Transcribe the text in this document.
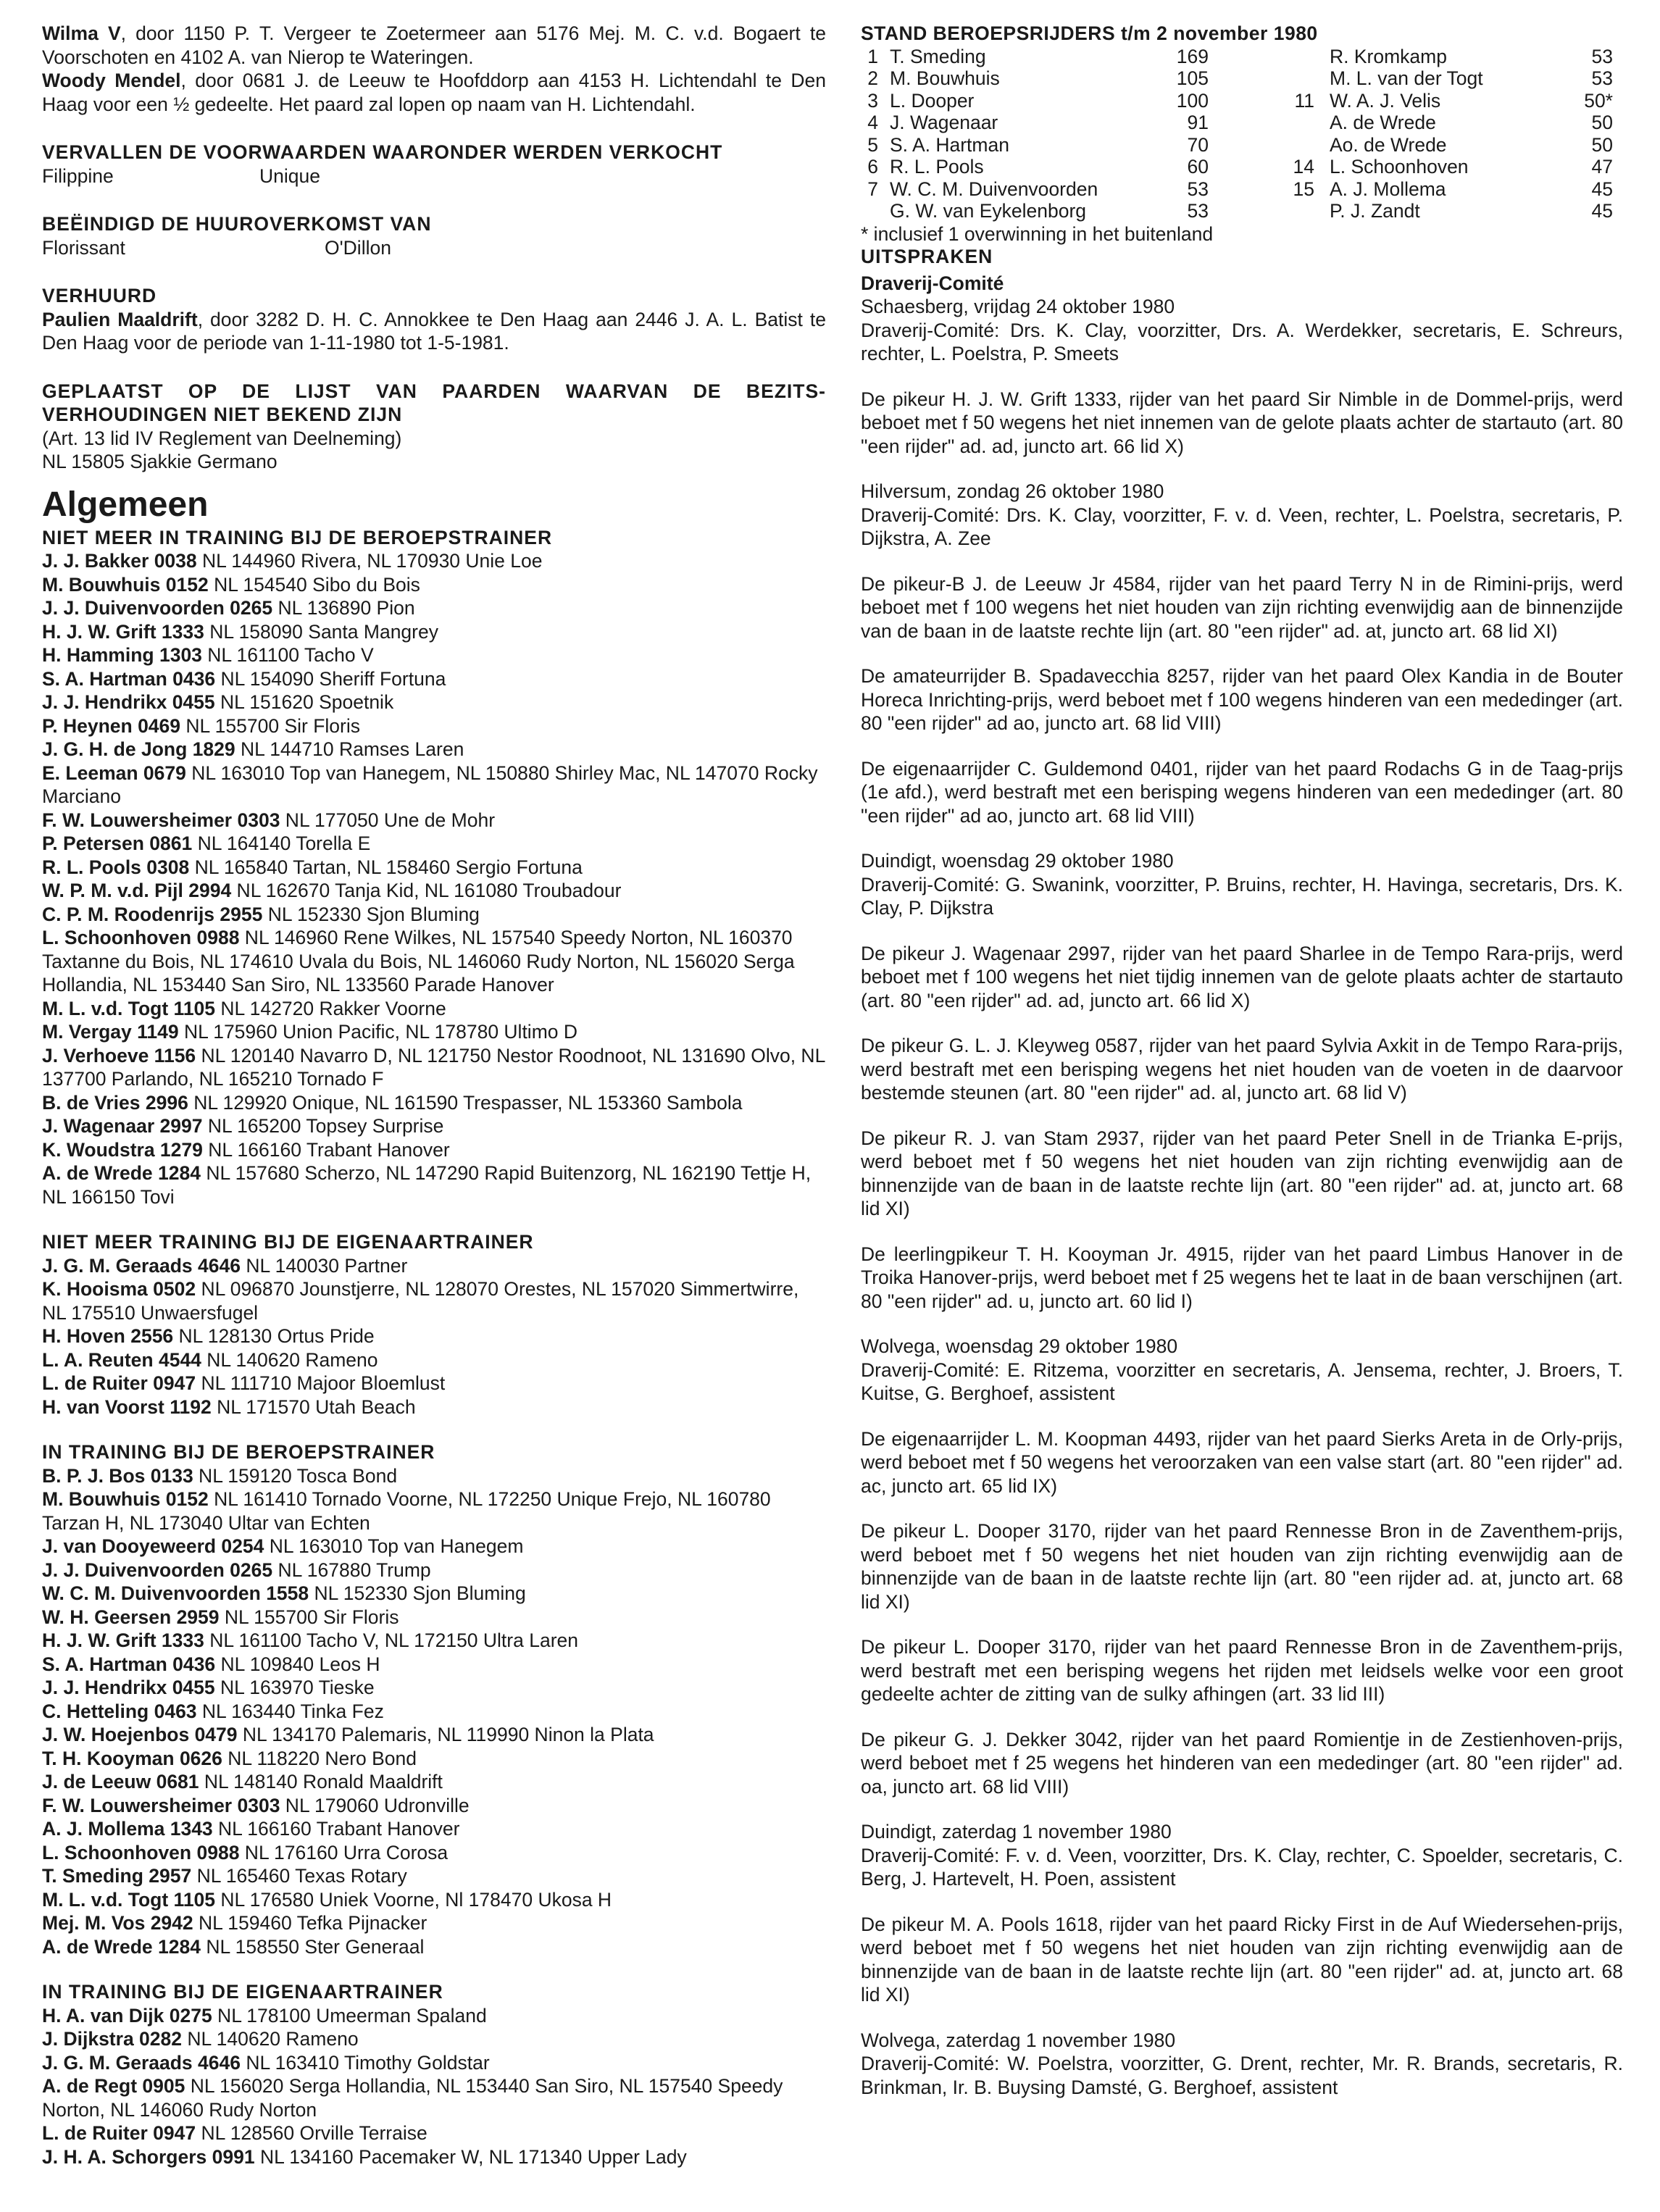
Wilma V, door 1150 P. T. Vergeer te Zoetermeer aan 5176 Mej. M. C. v.d. Bogaert te Voorschoten en 4102 A. van Nierop te Wateringen.

Woody Mendel, door 0681 J. de Leeuw te Hoofddorp aan 4153 H. Lichtendahl te Den Haag voor een ½ gedeelte. Het paard zal lopen op naam van H. Lichtendahl.

VERVALLEN DE VOORWAARDEN WAARONDER WERDEN VERKOCHT

Filippine	Unique

BEËINDIGD DE HUUROVERKOMST VAN

Florissant	O'Dillon

VERHUURD

Paulien Maaldrift, door 3282 D. H. C. Annokkee te Den Haag aan 2446 J. A. L. Batist te Den Haag voor de periode van 1-11-1980 tot 1-5-1981.

GEPLAATST OP DE LIJST VAN PAARDEN WAARVAN DE BEZITS-VERHOUDINGEN NIET BEKEND ZIJN

(Art. 13 lid IV Reglement van Deelneming)

NL 15805 Sjakkie Germano

Algemeen

NIET MEER IN TRAINING BIJ DE BEROEPSTRAINER

J. J. Bakker 0038 NL 144960 Rivera, NL 170930 Unie Loe

M. Bouwhuis 0152 NL 154540 Sibo du Bois

J. J. Duivenvoorden 0265 NL 136890 Pion

H. J. W. Grift 1333 NL 158090 Santa Mangrey

H. Hamming 1303 NL 161100 Tacho V

S. A. Hartman 0436 NL 154090 Sheriff Fortuna

J. J. Hendrikx 0455 NL 151620 Spoetnik

P. Heynen 0469 NL 155700 Sir Floris

J. G. H. de Jong 1829 NL 144710 Ramses Laren

E. Leeman 0679 NL 163010 Top van Hanegem, NL 150880 Shirley Mac, NL 147070 Rocky Marciano

F. W. Louwersheimer 0303 NL 177050 Une de Mohr

P. Petersen 0861 NL 164140 Torella E

R. L. Pools 0308 NL 165840 Tartan, NL 158460 Sergio Fortuna

W. P. M. v.d. Pijl 2994 NL 162670 Tanja Kid, NL 161080 Troubadour

C. P. M. Roodenrijs 2955 NL 152330 Sjon Bluming

L. Schoonhoven 0988 NL 146960 Rene Wilkes, NL 157540 Speedy Norton, NL 160370 Taxtanne du Bois, NL 174610 Uvala du Bois, NL 146060 Rudy Norton, NL 156020 Serga Hollandia, NL 153440 San Siro, NL 133560 Parade Hanover

M. L. v.d. Togt 1105 NL 142720 Rakker Voorne

M. Vergay 1149 NL 175960 Union Pacific, NL 178780 Ultimo D

J. Verhoeve 1156 NL 120140 Navarro D, NL 121750 Nestor Roodnoot, NL 131690 Olvo, NL 137700 Parlando, NL 165210 Tornado F

B. de Vries 2996 NL 129920 Onique, NL 161590 Trespasser, NL 153360 Sambola

J. Wagenaar 2997 NL 165200 Topsey Surprise

K. Woudstra 1279 NL 166160 Trabant Hanover

A. de Wrede 1284 NL 157680 Scherzo, NL 147290 Rapid Buitenzorg, NL 162190 Tettje H, NL 166150 Tovi

NIET MEER TRAINING BIJ DE EIGENAARTRAINER

J. G. M. Geraads 4646 NL 140030 Partner

K. Hooisma 0502 NL 096870 Jounstjerre, NL 128070 Orestes, NL 157020 Simmertwirre, NL 175510 Unwaersfugel

H. Hoven 2556 NL 128130 Ortus Pride

L. A. Reuten 4544 NL 140620 Rameno

L. de Ruiter 0947 NL 111710 Majoor Bloemlust

H. van Voorst 1192 NL 171570 Utah Beach

IN TRAINING BIJ DE BEROEPSTRAINER

B. P. J. Bos 0133 NL 159120 Tosca Bond

M. Bouwhuis 0152 NL 161410 Tornado Voorne, NL 172250 Unique Frejo, NL 160780 Tarzan H, NL 173040 Ultar van Echten

J. van Dooyeweerd 0254 NL 163010 Top van Hanegem

J. J. Duivenvoorden 0265 NL 167880 Trump

W. C. M. Duivenvoorden 1558 NL 152330 Sjon Bluming

W. H. Geersen 2959 NL 155700 Sir Floris

H. J. W. Grift 1333 NL 161100 Tacho V, NL 172150 Ultra Laren

S. A. Hartman 0436 NL 109840 Leos H

J. J. Hendrikx 0455 NL 163970 Tieske

C. Hetteling 0463 NL 163440 Tinka Fez

J. W. Hoejenbos 0479 NL 134170 Palemaris, NL 119990 Ninon la Plata

T. H. Kooyman 0626 NL 118220 Nero Bond

J. de Leeuw 0681 NL 148140 Ronald Maaldrift

F. W. Louwersheimer 0303 NL 179060 Udronville

A. J. Mollema 1343 NL 166160 Trabant Hanover

L. Schoonhoven 0988 NL 176160 Urra Corosa

T. Smeding 2957 NL 165460 Texas Rotary

M. L. v.d. Togt 1105 NL 176580 Uniek Voorne, Nl 178470 Ukosa H

Mej. M. Vos 2942 NL 159460 Tefka Pijnacker

A. de Wrede 1284 NL 158550 Ster Generaal

IN TRAINING BIJ DE EIGENAARTRAINER

H. A. van Dijk 0275 NL 178100 Umeerman Spaland

J. Dijkstra 0282 NL 140620 Rameno

J. G. M. Geraads 4646 NL 163410 Timothy Goldstar

A. de Regt 0905 NL 156020 Serga Hollandia, NL 153440 San Siro, NL 157540 Speedy Norton, NL 146060 Rudy Norton

L. de Ruiter 0947 NL 128560 Orville Terraise

J. H. A. Schorgers 0991 NL 134160 Pacemaker W, NL 171340 Upper Lady

STAND BEROEPSRIJDERS t/m 2 november 1980

1 T. Smeding	169	R. Kromkamp	53
2 M. Bouwhuis	105	M. L. van der Togt	53
3 L. Dooper	100	11 W. A. J. Velis	50*
4 J. Wagenaar	91	A. de Wrede	50
5 S. A. Hartman	70	Ao. de Wrede	50
6 R. L. Pools	60	14 L. Schoonhoven	47
7 W. C. M. Duivenvoorden	53	15 A. J. Mollema	45
G. W. van Eykelenborg	53	P. J. Zandt	45

* inclusief 1 overwinning in het buitenland

UITSPRAKEN

Draverij-Comité

Schaesberg, vrijdag 24 oktober 1980

Draverij-Comité: Drs. K. Clay, voorzitter, Drs. A. Werdekker, secretaris, E. Schreurs, rechter, L. Poelstra, P. Smeets

De pikeur H. J. W. Grift 1333, rijder van het paard Sir Nimble in de Dommel-prijs, werd beboet met f 50 wegens het niet innemen van de gelote plaats achter de startauto (art. 80 "een rijder" ad. ad, juncto art. 66 lid X)

Hilversum, zondag 26 oktober 1980

Draverij-Comité: Drs. K. Clay, voorzitter, F. v. d. Veen, rechter, L. Poelstra, secretaris, P. Dijkstra, A. Zee

De pikeur-B J. de Leeuw Jr 4584, rijder van het paard Terry N in de Rimini-prijs, werd beboet met f 100 wegens het niet houden van zijn richting evenwijdig aan de binnenzijde van de baan in de laatste rechte lijn (art. 80 "een rijder" ad. at, juncto art. 68 lid XI)

De amateurrijder B. Spadavecchia 8257, rijder van het paard Olex Kandia in de Bouter Horeca Inrichting-prijs, werd beboet met f 100 wegens hinderen van een mededinger (art. 80 "een rijder" ad ao, juncto art. 68 lid VIII)

De eigenaarrijder C. Guldemond 0401, rijder van het paard Rodachs G in de Taag-prijs (1e afd.), werd bestraft met een berisping wegens hinderen van een mededinger (art. 80 "een rijder" ad ao, juncto art. 68 lid VIII)

Duindigt, woensdag 29 oktober 1980

Draverij-Comité: G. Swanink, voorzitter, P. Bruins, rechter, H. Havinga, secretaris, Drs. K. Clay, P. Dijkstra

De pikeur J. Wagenaar 2997, rijder van het paard Sharlee in de Tempo Rara-prijs, werd beboet met f 100 wegens het niet tijdig innemen van de gelote plaats achter de startauto (art. 80 "een rijder" ad. ad, juncto art. 66 lid X)

De pikeur G. L. J. Kleyweg 0587, rijder van het paard Sylvia Axkit in de Tempo Rara-prijs, werd bestraft met een berisping wegens het niet houden van de voeten in de daarvoor bestemde steunen (art. 80 "een rijder" ad. al, juncto art. 68 lid V)

De pikeur R. J. van Stam 2937, rijder van het paard Peter Snell in de Trianka E-prijs, werd beboet met f 50 wegens het niet houden van zijn richting evenwijdig aan de binnenzijde van de baan in de laatste rechte lijn (art. 80 "een rijder" ad. at, juncto art. 68 lid XI)

De leerlingpikeur T. H. Kooyman Jr. 4915, rijder van het paard Limbus Hanover in de Troika Hanover-prijs, werd beboet met f 25 wegens het te laat in de baan verschijnen (art. 80 "een rijder" ad. u, juncto art. 60 lid I)

Wolvega, woensdag 29 oktober 1980

Draverij-Comité: E. Ritzema, voorzitter en secretaris, A. Jensema, rechter, J. Broers, T. Kuitse, G. Berghoef, assistent

De eigenaarrijder L. M. Koopman 4493, rijder van het paard Sierks Areta in de Orly-prijs, werd beboet met f 50 wegens het veroorzaken van een valse start (art. 80 "een rijder" ad. ac, juncto art. 65 lid IX)

De pikeur L. Dooper 3170, rijder van het paard Rennesse Bron in de Zaventhem-prijs, werd beboet met f 50 wegens het niet houden van zijn richting evenwijdig aan de binnenzijde van de baan in de laatste rechte lijn (art. 80 "een rijder ad. at, juncto art. 68 lid XI)

De pikeur L. Dooper 3170, rijder van het paard Rennesse Bron in de Zaventhem-prijs, werd bestraft met een berisping wegens het rijden met leidsels welke voor een groot gedeelte achter de zitting van de sulky afhingen (art. 33 lid III)

De pikeur G. J. Dekker 3042, rijder van het paard Romientje in de Zestienhoven-prijs, werd beboet met f 25 wegens het hinderen van een mededinger (art. 80 "een rijder" ad. oa, juncto art. 68 lid VIII)

Duindigt, zaterdag 1 november 1980

Draverij-Comité: F. v. d. Veen, voorzitter, Drs. K. Clay, rechter, C. Spoelder, secretaris, C. Berg, J. Hartevelt, H. Poen, assistent

De pikeur M. A. Pools 1618, rijder van het paard Ricky First in de Auf Wiedersehen-prijs, werd beboet met f 50 wegens het niet houden van zijn richting evenwijdig aan de binnenzijde van de baan in de laatste rechte lijn (art. 80 "een rijder" ad. at, juncto art. 68 lid XI)

Wolvega, zaterdag 1 november 1980

Draverij-Comité: W. Poelstra, voorzitter, G. Drent, rechter, Mr. R. Brands, secretaris, R. Brinkman, Ir. B. Buysing Damsté, G. Berghoef, assistent
